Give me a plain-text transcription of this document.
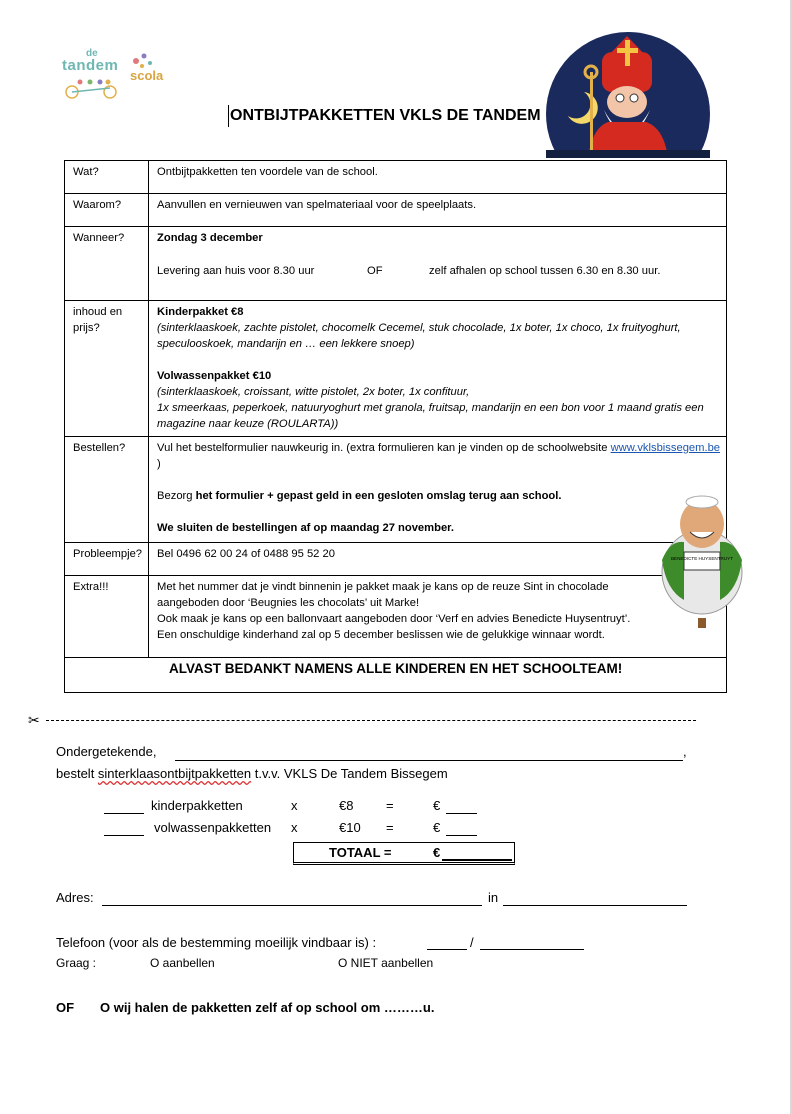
de
tandem
scola
ONTBIJTPAKKETTEN VKLS DE TANDEM
Wat?	Ontbijtpakketten ten voordele van de school.
Waarom?	Aanvullen en vernieuwen van spelmateriaal voor de speelplaats.
Wanneer?	Zondag 3 december
Levering aan huis voor 8.30 uur OF zelf afhalen op school tussen 6.30 en 8.30 uur.

inhoud en prijs?	Kinderpakket €8
(sinterklaaskoek, zachte pistolet, chocomelk Cecemel, stuk chocolade, 1x boter, 1x choco, 1x fruityoghurt, speculooskoek, mandarijn en … een lekkere snoep)
Volwassenpakket €10
(sinterklaaskoek, croissant, witte pistolet, 2x boter, 1x confituur,
1x smeerkaas, peperkoek, natuuryoghurt met granola, fruitsap, mandarijn en een bon voor 1 maand gratis een magazine naar keuze (ROULARTA))

Bestellen?	Vul het bestelformulier nauwkeurig in. (extra formulieren kan je vinden op de schoolwebsite www.vklsbissegem.be )
Bezorg het formulier + gepast geld in een gesloten omslag terug aan school.
We sluiten de bestellingen af op maandag 27 november.

Probleempje?	Bel 0496 62 00 24 of 0488 95 52 20
Extra!!!	Met het nummer dat je vindt binnenin je pakket maak je kans op de reuze Sint in chocolade aangeboden door ‘Beugnies les chocolats’ uit Marke!
Ook maak je kans op een ballonvaart aangeboden door ‘Verf en advies Benedicte Huysentruyt’.
Een onschuldige kinderhand zal op 5 december beslissen wie de gelukkige winnaar wordt.

ALVAST BEDANKT NAMENS ALLE KINDEREN EN HET SCHOOLTEAM!	
BENEDICTE HUYSENTRUYT
✂
Ondergetekende,	,
bestelt sinterklaasontbijtpakketten t.v.v. VKLS De Tandem Bissegem
kinderpakketten	x	€8	=	€
volwassenpakketten x	€10 =	€
TOTAAL =	€
Adres:	in
Telefoon (voor als de bestemming moeilijk vindbaar is) :	/
Graag :	O aanbellen	O NIET aanbellen
OF O wij halen de pakketten zelf af op school om ………u.
